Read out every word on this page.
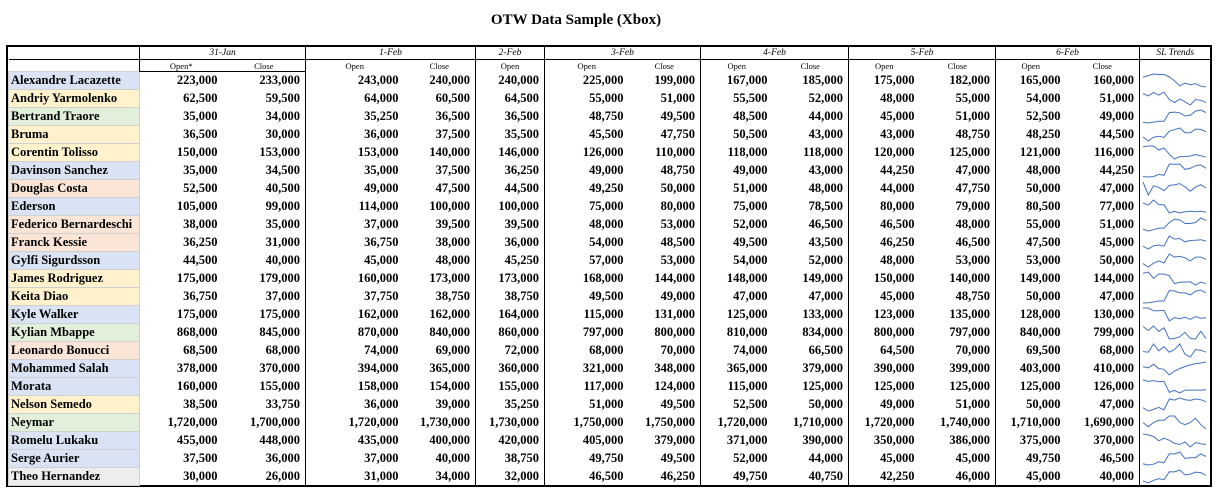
OTW Data Sample (Xbox)
	31-Jan		1-Feb		2-Feb	3-Feb		4-Feb		5-Feb		6-Feb		SL Trends
	Open*	Close	Open	Close	Open	Open	Close	Open	Close	Open	Close	Open	Close	
Alexandre Lacazette	223,000	233,000	243,000	240,000	240,000	225,000	199,000	167,000	185,000	175,000	182,000	165,000	160,000	

Andriy Yarmolenko	62,500	59,500	64,000	60,500	64,500	55,000	51,000	55,500	52,000	48,000	55,000	54,000	51,000	

Bertrand Traore	35,000	34,000	35,250	36,500	36,500	48,750	49,500	48,500	44,000	45,000	51,000	52,500	49,000	

Bruma	36,500	30,000	36,000	37,500	35,500	45,500	47,750	50,500	43,000	43,000	48,750	48,250	44,500	

Corentin Tolisso	150,000	153,000	153,000	140,000	146,000	126,000	110,000	118,000	118,000	120,000	125,000	121,000	116,000	

Davinson Sanchez	35,000	34,500	35,000	37,500	36,250	49,000	48,750	49,000	43,000	44,250	47,000	48,000	44,250	

Douglas Costa	52,500	40,500	49,000	47,500	44,500	49,250	50,000	51,000	48,000	44,000	47,750	50,000	47,000	

Ederson	105,000	99,000	114,000	100,000	100,000	75,000	80,000	75,000	78,500	80,000	79,000	80,500	77,000	

Federico Bernardeschi	38,000	35,000	37,000	39,500	39,500	48,000	53,000	52,000	46,500	46,500	48,000	55,000	51,000	

Franck Kessie	36,250	31,000	36,750	38,000	36,000	54,000	48,500	49,500	43,500	46,250	46,500	47,500	45,000	

Gylfi Sigurdsson	44,500	40,000	45,000	48,000	45,250	57,000	53,000	54,000	52,000	48,000	53,000	53,000	50,000	

James Rodriguez	175,000	179,000	160,000	173,000	173,000	168,000	144,000	148,000	149,000	150,000	140,000	149,000	144,000	

Keita Diao	36,750	37,000	37,750	38,750	38,750	49,500	49,000	47,000	47,000	45,000	48,750	50,000	47,000	

Kyle Walker	175,000	175,000	162,000	162,000	164,000	115,000	131,000	125,000	133,000	123,000	135,000	128,000	130,000	

Kylian Mbappe	868,000	845,000	870,000	840,000	860,000	797,000	800,000	810,000	834,000	800,000	797,000	840,000	799,000	

Leonardo Bonucci	68,500	68,000	74,000	69,000	72,000	68,000	70,000	74,000	66,500	64,500	70,000	69,500	68,000	

Mohammed Salah	378,000	370,000	394,000	365,000	360,000	321,000	348,000	365,000	379,000	390,000	399,000	403,000	410,000	

Morata	160,000	155,000	158,000	154,000	155,000	117,000	124,000	115,000	125,000	125,000	125,000	125,000	126,000	

Nelson Semedo	38,500	33,750	36,000	39,000	35,250	51,000	49,500	52,500	50,000	49,000	51,000	50,000	47,000	

Neymar	1,720,000	1,700,000	1,720,000	1,730,000	1,730,000	1,750,000	1,750,000	1,720,000	1,710,000	1,720,000	1,740,000	1,710,000	1,690,000	

Romelu Lukaku	455,000	448,000	435,000	400,000	420,000	405,000	379,000	371,000	390,000	350,000	386,000	375,000	370,000	

Serge Aurier	37,500	36,000	37,000	40,000	38,750	49,750	49,500	52,000	44,000	45,000	45,000	49,750	46,500	

Theo Hernandez	30,000	26,000	31,000	34,000	32,000	46,500	46,250	49,750	40,750	42,250	46,000	45,000	40,000	
